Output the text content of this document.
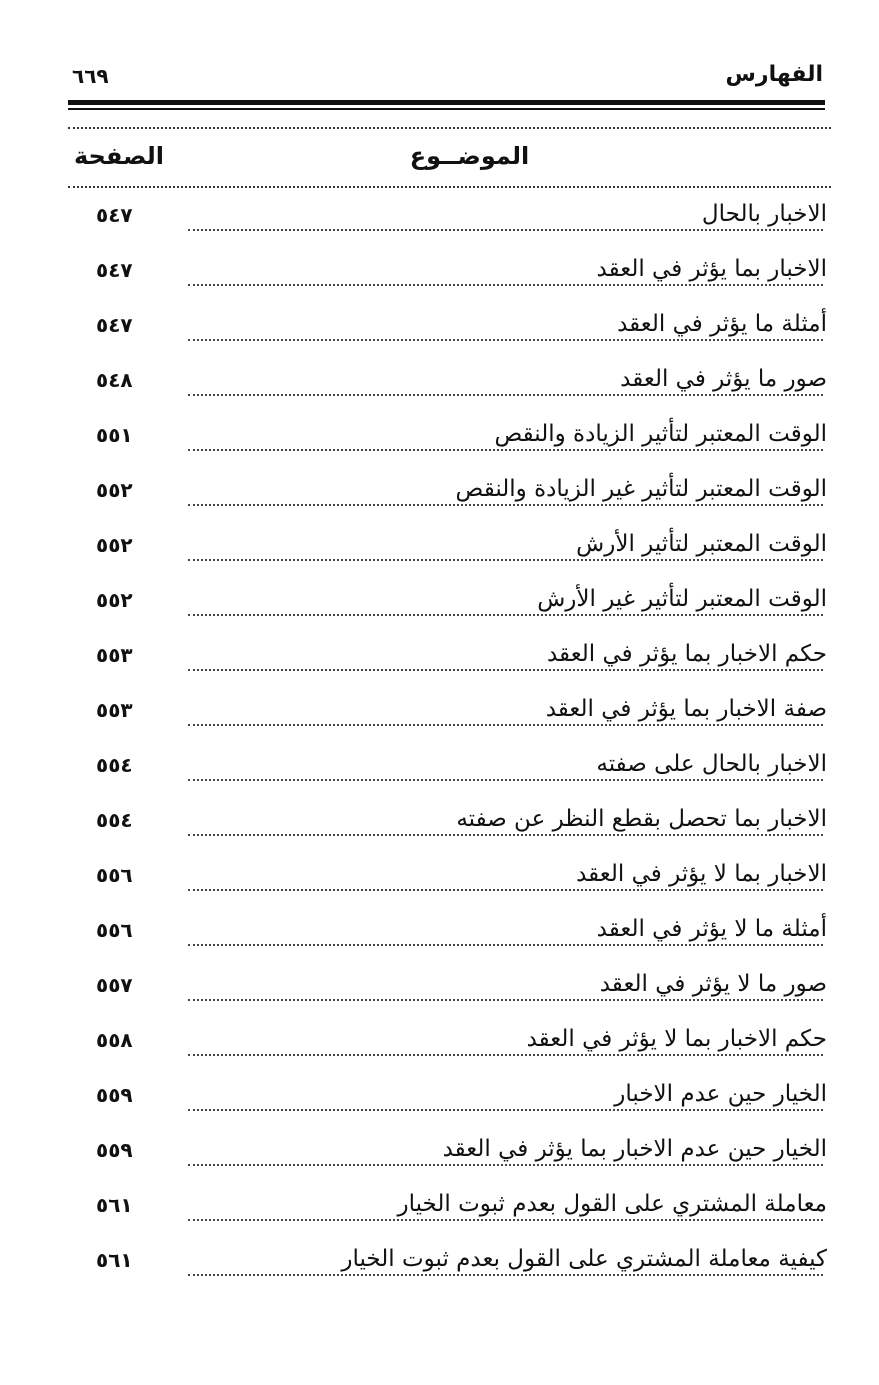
الفهارس
٦٦٩
الموضــوع
الصفحة
الاخبار بالحال
٥٤٧
الاخبار بما يؤثر في العقد
٥٤٧
أمثلة ما يؤثر في العقد
٥٤٧
صور ما يؤثر في العقد
٥٤٨
الوقت المعتبر لتأثير الزيادة والنقص
٥٥١
الوقت المعتبر لتأثير غير الزيادة والنقص
٥٥٢
الوقت المعتبر لتأثير الأرش
٥٥٢
الوقت المعتبر لتأثير غير الأرش
٥٥٢
حكم الاخبار بما يؤثر في العقد
٥٥٣
صفة الاخبار بما يؤثر في العقد
٥٥٣
الاخبار بالحال على صفته
٥٥٤
الاخبار بما تحصل بقطع النظر عن صفته
٥٥٤
الاخبار بما لا يؤثر في العقد
٥٥٦
أمثلة ما لا يؤثر في العقد
٥٥٦
صور ما لا يؤثر في العقد
٥٥٧
حكم الاخبار بما لا يؤثر في العقد
٥٥٨
الخيار حين عدم الاخبار
٥٥٩
الخيار حين عدم الاخبار بما يؤثر في العقد
٥٥٩
معاملة المشتري على القول بعدم ثبوت الخيار
٥٦١
كيفية معاملة المشتري على القول بعدم ثبوت الخيار
٥٦١
